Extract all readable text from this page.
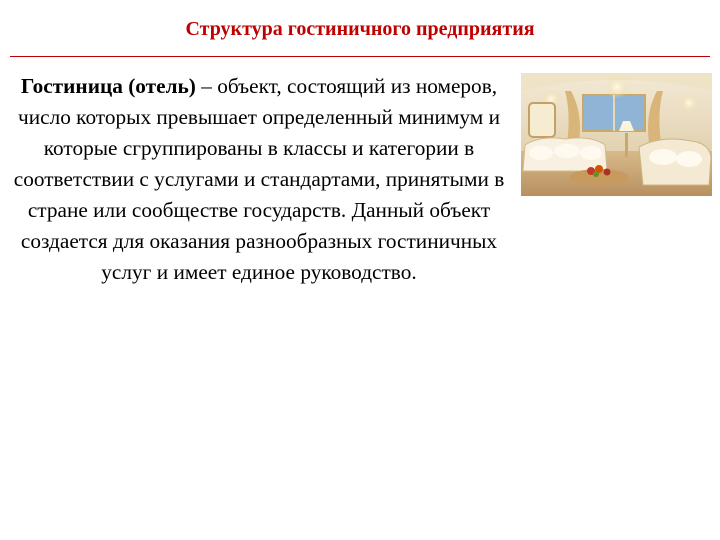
Структура гостиничного предприятия
Гостиница (отель) – объект, состоящий из номеров, число которых превышает определенный минимум и которые сгруппированы в классы и категории в соответствии с услугами и стандартами, принятыми в стране или сообществе государств. Данный объект создается для оказания разнообразных гостиничных услуг и имеет единое руководство.
